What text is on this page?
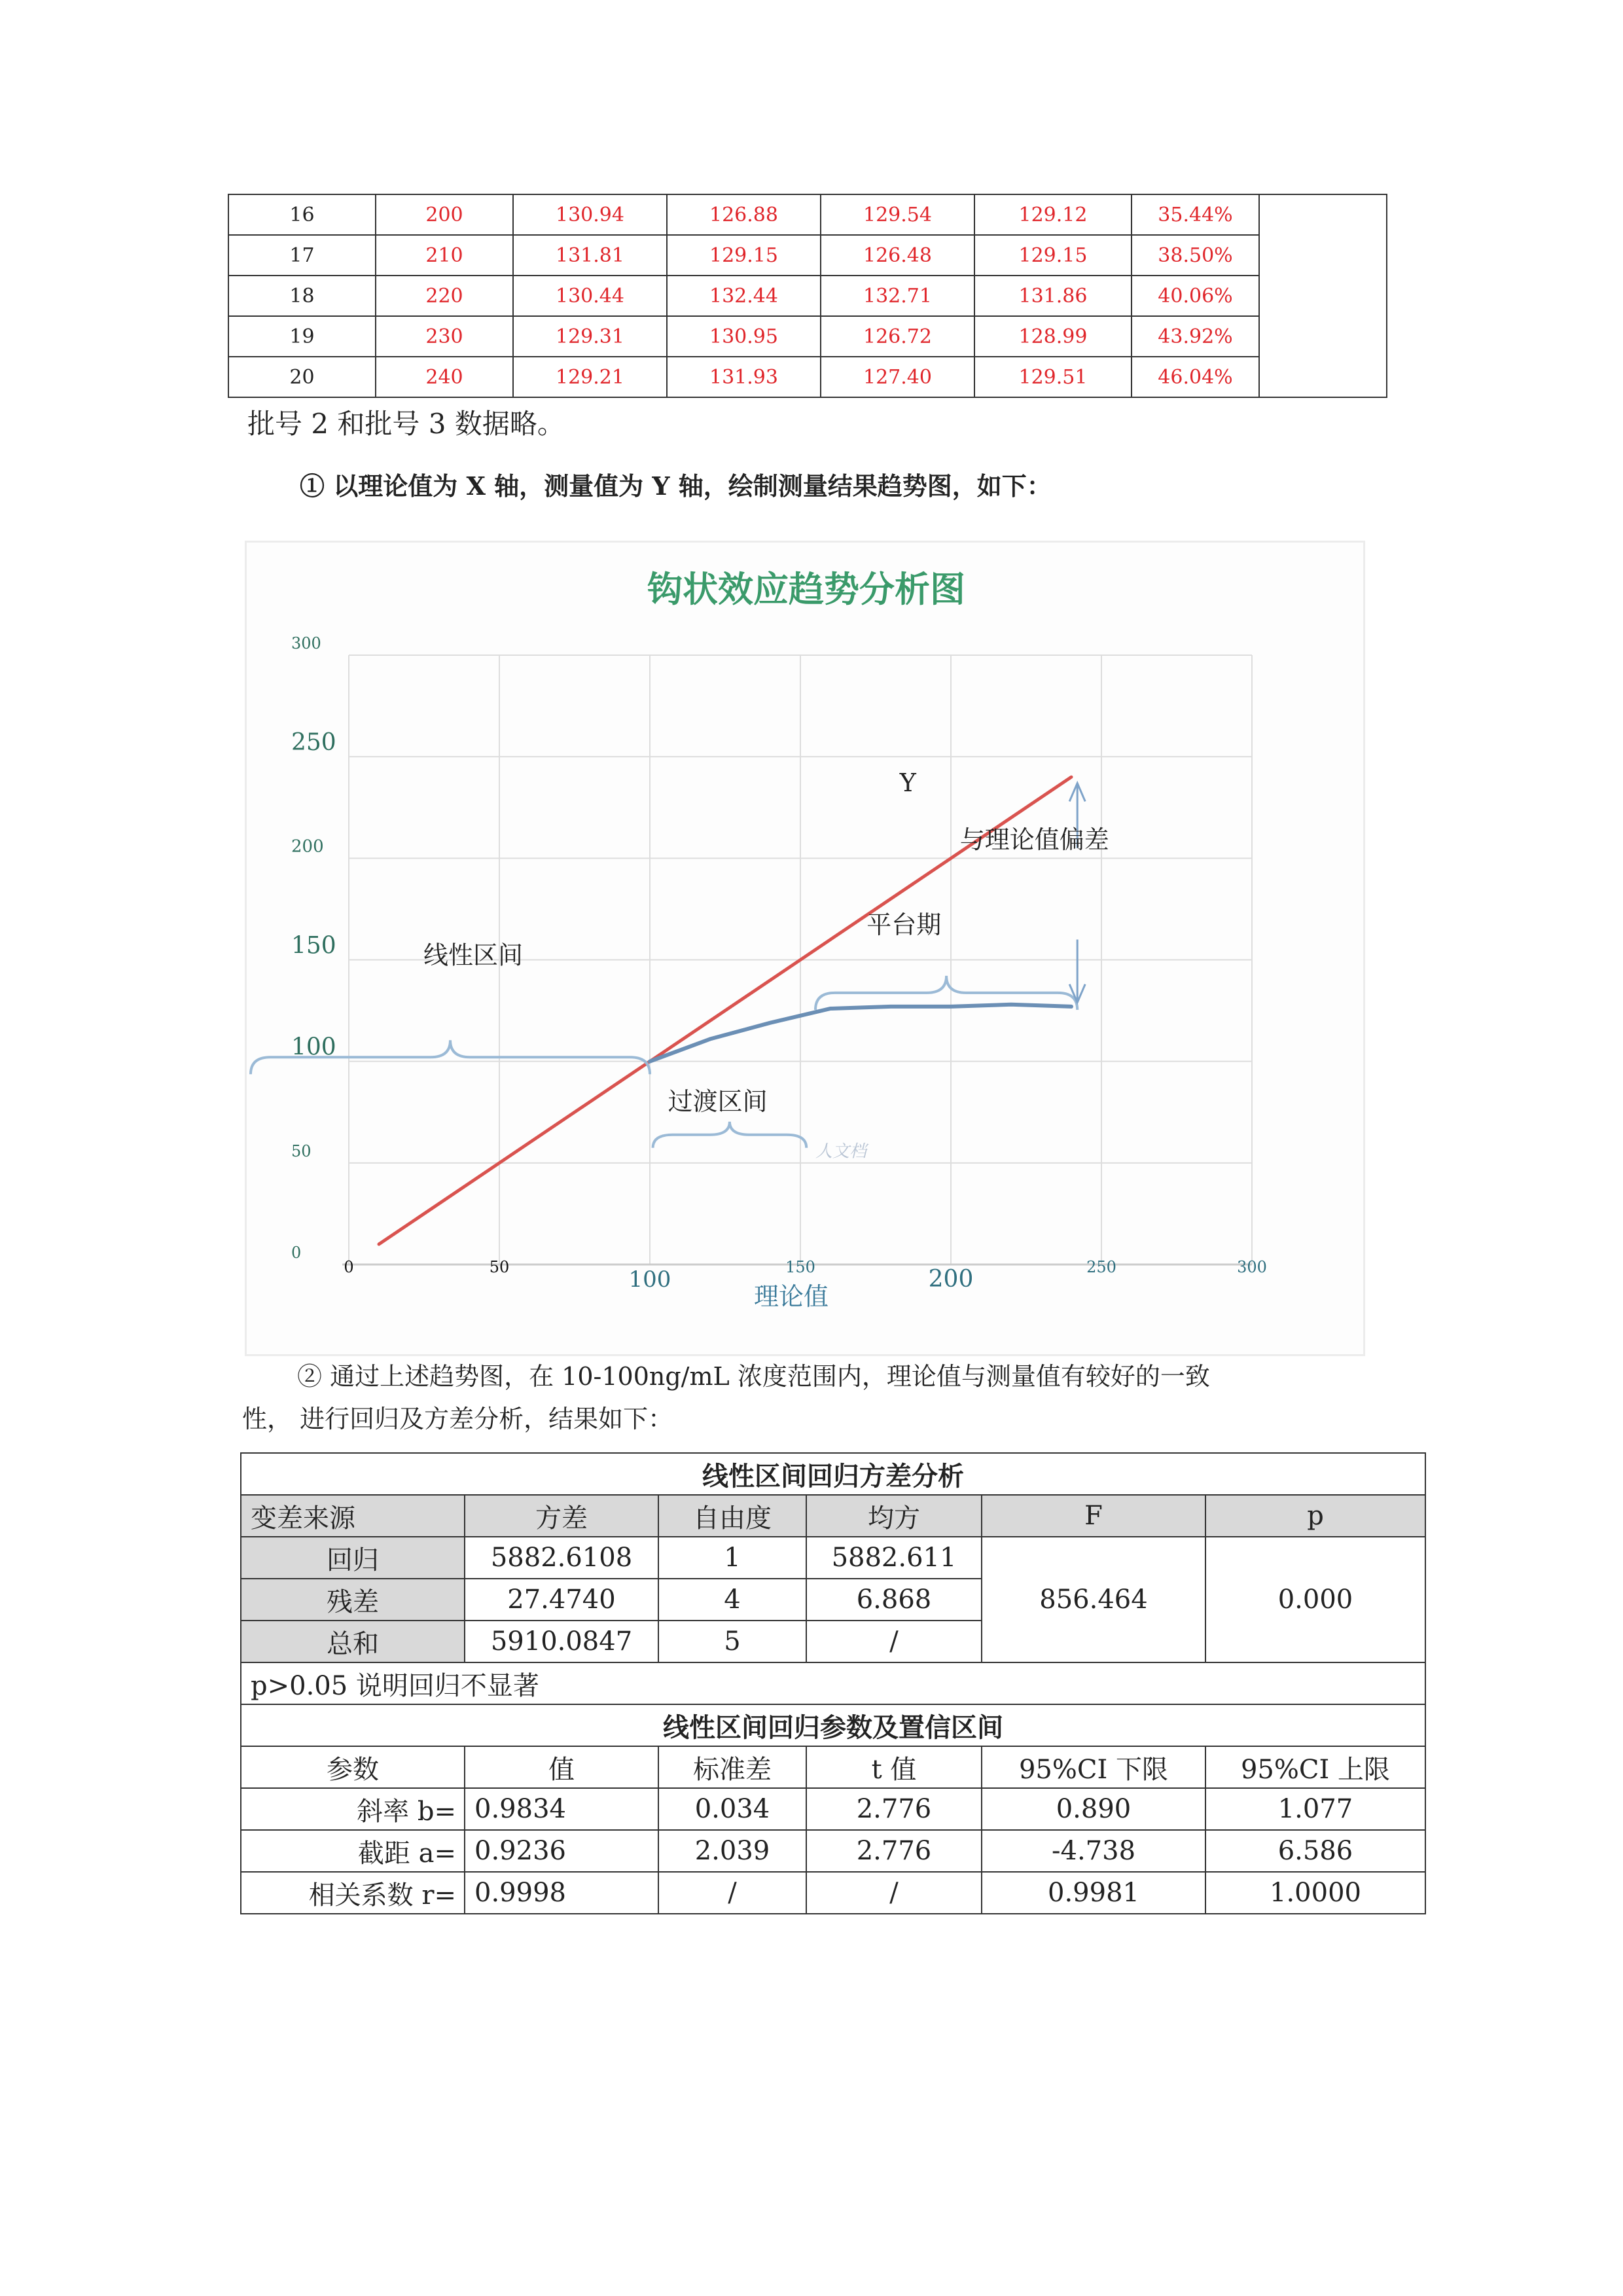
16	200	130.94	126.88	129.54	129.12	35.44%	
17	210	131.81	129.15	126.48	129.15	38.50%	
18	220	130.44	132.44	132.71	131.86	40.06%	
19	230	129.31	130.95	126.72	128.99	43.92%	
20	240	129.21	131.93	127.40	129.51	46.04%	
批号 2 和批号 3 数据略。
① 以理论值为 X 轴，测量值为 Y 轴，绘制测量结果趋势图，如下：
钩状效应趋势分析图
0
50
100
150
200
250
300
0	50	100	150	200	250	300
Y
线性区间
过渡区间
平台期
与理论值偏差
人文档
理论值
② 通过上述趋势图，在 10-100ng/mL 浓度范围内，理论值与测量值有较好的一致
性， 进行回归及方差分析，结果如下：
线性区间回归方差分析					
变差来源	方差	自由度	均方	F	p
回归	5882.6108	1	5882.611	856.464	0.000
残差	27.4740	4	6.868		
总和	5910.0847	5	/		
p>0.05 说明回归不显著					
线性区间回归参数及置信区间					
参数	值	标准差	t 值	95%CI 下限	95%CI 上限
斜率 b=	0.9834	0.034	2.776	0.890	1.077
截距 a=	0.9236	2.039	2.776	-4.738	6.586
相关系数 r=	0.9998	/	/	0.9981	1.0000
